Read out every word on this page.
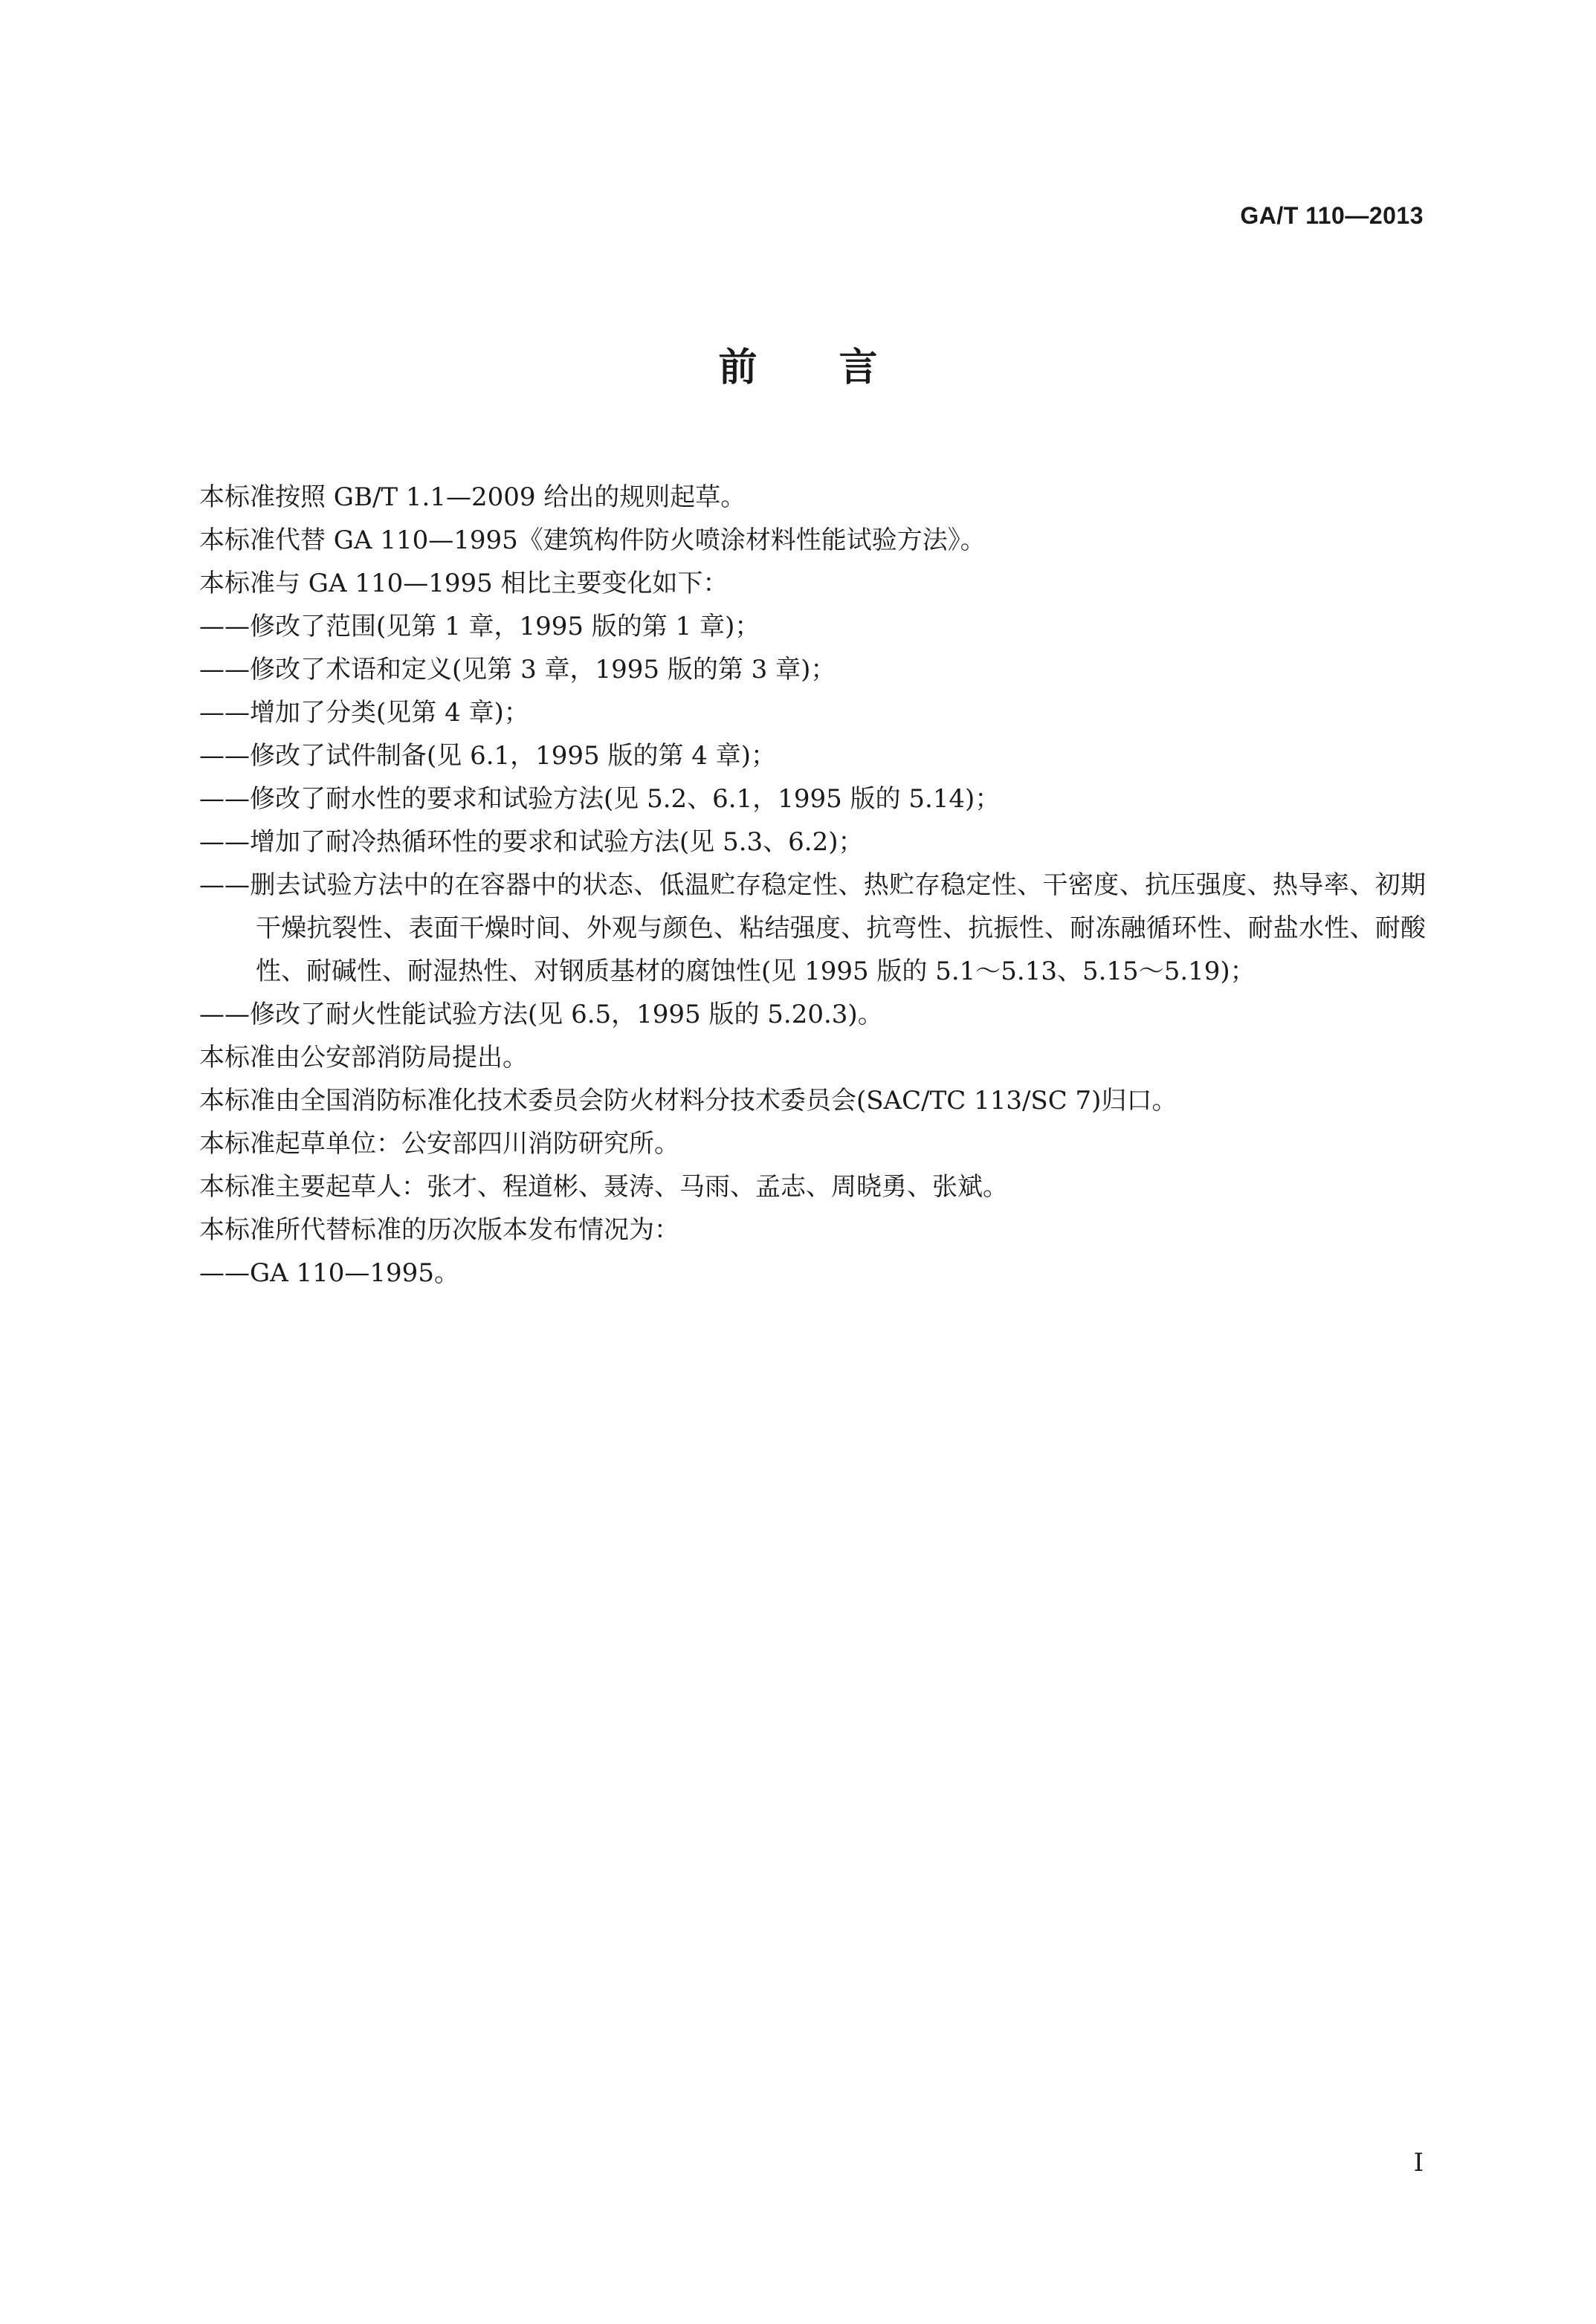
GA/T 110—2013
前言
本标准按照 GB/T 1.1—2009 给出的规则起草。
本标准代替 GA 110—1995《建筑构件防火喷涂材料性能试验方法》。
本标准与 GA 110—1995 相比主要变化如下：
——修改了范围(见第 1 章，1995 版的第 1 章)；
——修改了术语和定义(见第 3 章，1995 版的第 3 章)；
——增加了分类(见第 4 章)；
——修改了试件制备(见 6.1，1995 版的第 4 章)；
——修改了耐水性的要求和试验方法(见 5.2、6.1，1995 版的 5.14)；
——增加了耐冷热循环性的要求和试验方法(见 5.3、6.2)；
——删去试验方法中的在容器中的状态、低温贮存稳定性、热贮存稳定性、干密度、抗压强度、热导率、初期干燥抗裂性、表面干燥时间、外观与颜色、粘结强度、抗弯性、抗振性、耐冻融循环性、耐盐水性、耐酸性、耐碱性、耐湿热性、对钢质基材的腐蚀性(见 1995 版的 5.1～5.13、5.15～5.19)；
——修改了耐火性能试验方法(见 6.5，1995 版的 5.20.3)。
本标准由公安部消防局提出。
本标准由全国消防标准化技术委员会防火材料分技术委员会(SAC/TC 113/SC 7)归口。
本标准起草单位：公安部四川消防研究所。
本标准主要起草人：张才、程道彬、聂涛、马雨、孟志、周晓勇、张斌。
本标准所代替标准的历次版本发布情况为：
——GA 110—1995。
I
